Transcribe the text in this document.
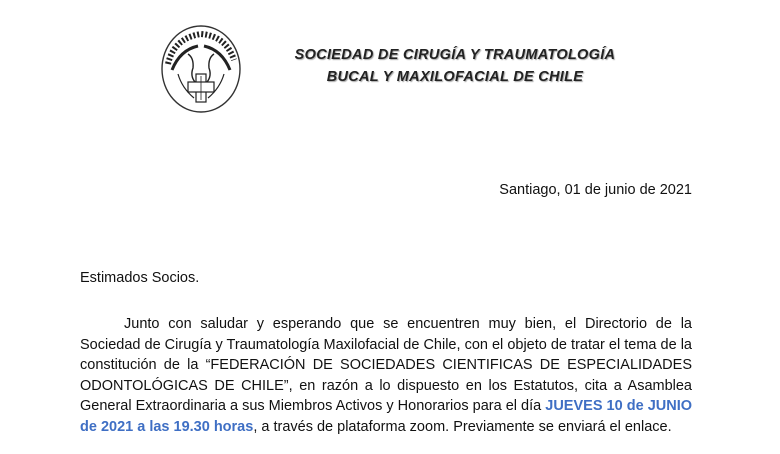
SOCIEDAD DE CIRUGÍA Y TRAUMATOLOGÍA
BUCAL Y MAXILOFACIAL DE CHILE
Santiago, 01 de junio de 2021
Estimados Socios.
Junto con saludar y esperando que se encuentren muy bien, el Directorio de la Sociedad de Cirugía y Traumatología Maxilofacial de Chile, con el objeto de tratar el tema de la constitución de la “FEDERACIÓN DE SOCIEDADES CIENTIFICAS DE ESPECIALIDADES ODONTOLÓGICAS DE CHILE”, en razón a lo dispuesto en los Estatutos, cita a Asamblea General Extraordinaria a sus Miembros Activos y Honorarios para el día JUEVES 10 de JUNIO de 2021 a las 19.30 horas, a través de plataforma zoom. Previamente se enviará el enlace.
